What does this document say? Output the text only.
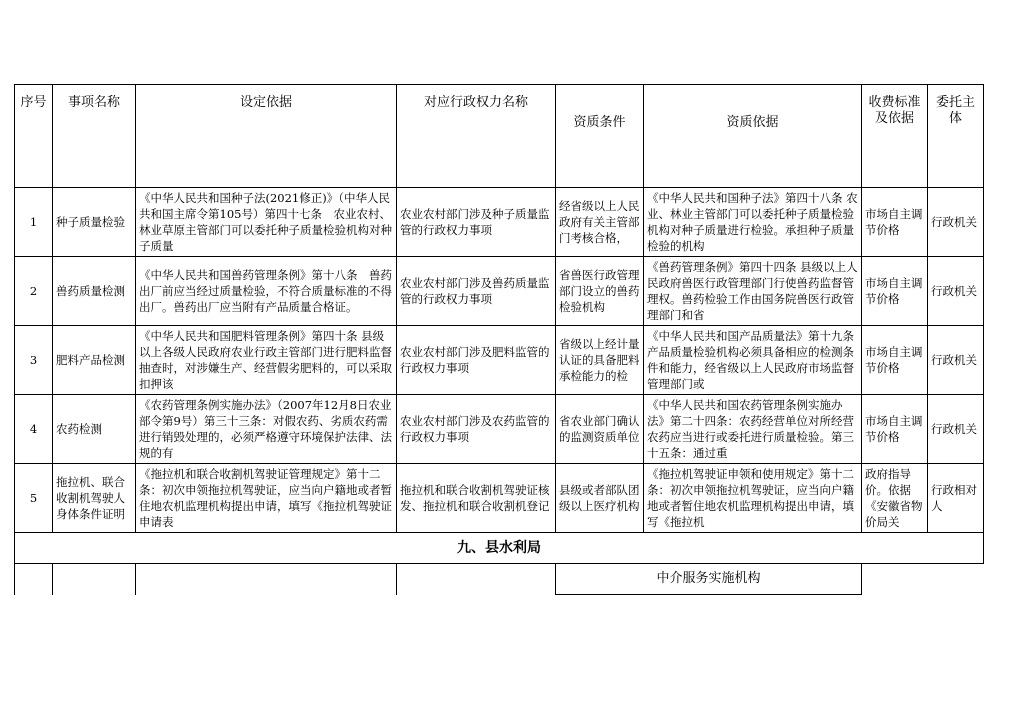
序号	事项名称	设定依据	对应行政权力名称	资质条件	资质依据	收费标准及依据	委托主体
1	种子质量检验	《中华人民共和国种子法(2021修正)》（中华人民共和国主席令第105号）第四十七条　农业农村、林业草原主管部门可以委托种子质量检验机构对种子质量	农业农村部门涉及种子质量监管的行政权力事项	经省级以上人民政府有关主管部门考核合格，	《中华人民共和国种子法》第四十八条 农业、林业主管部门可以委托种子质量检验机构对种子质量进行检验。承担种子质量检验的机构	市场自主调节价格	行政机关
2	兽药质量检测	《中华人民共和国兽药管理条例》第十八条　兽药出厂前应当经过质量检验，不符合质量标准的不得出厂。兽药出厂应当附有产品质量合格证。	农业农村部门涉及兽药质量监管的行政权力事项	省兽医行政管理部门设立的兽药检验机构	《兽药管理条例》第四十四条 县级以上人民政府兽医行政管理部门行使兽药监督管理权。兽药检验工作由国务院兽医行政管理部门和省	市场自主调节价格	行政机关
3	肥料产品检测	《中华人民共和国肥料管理条例》第四十条 县级以上各级人民政府农业行政主管部门进行肥料监督抽查时，对涉嫌生产、经营假劣肥料的，可以采取扣押该	农业农村部门涉及肥料监管的行政权力事项	省级以上经计量认证的具备肥料承检能力的检	《中华人民共和国产品质量法》第十九条 产品质量检验机构必须具备相应的检测条件和能力，经省级以上人民政府市场监督管理部门或	市场自主调节价格	行政机关
4	农药检测	《农药管理条例实施办法》（2007年12月8日农业部令第9号）第三十三条：对假农药、劣质农药需进行销毁处理的，必须严格遵守环境保护法律、法规的有	农业农村部门涉及农药监管的行政权力事项	省农业部门确认的监测资质单位	《中华人民共和国农药管理条例实施办法》第二十四条：农药经营单位对所经营农药应当进行或委托进行质量检验。第三十五条：通过重	市场自主调节价格	行政机关
5	拖拉机、联合收割机驾驶人身体条件证明	《拖拉机和联合收割机驾驶证管理规定》第十二条：初次申领拖拉机驾驶证，应当向户籍地或者暂住地农机监理机构提出申请，填写《拖拉机驾驶证申请表	拖拉机和联合收割机驾驶证核发、拖拉机和联合收割机登记	县级或者部队团级以上医疗机构	《拖拉机驾驶证申领和使用规定》第十二条：初次申领拖拉机驾驶证，应当向户籍地或者暂住地农机监理机构提出申请，填写《拖拉机	政府指导价。依据《安徽省物价局关	行政相对人
九、县水利局							
				中介服务实施机构			
